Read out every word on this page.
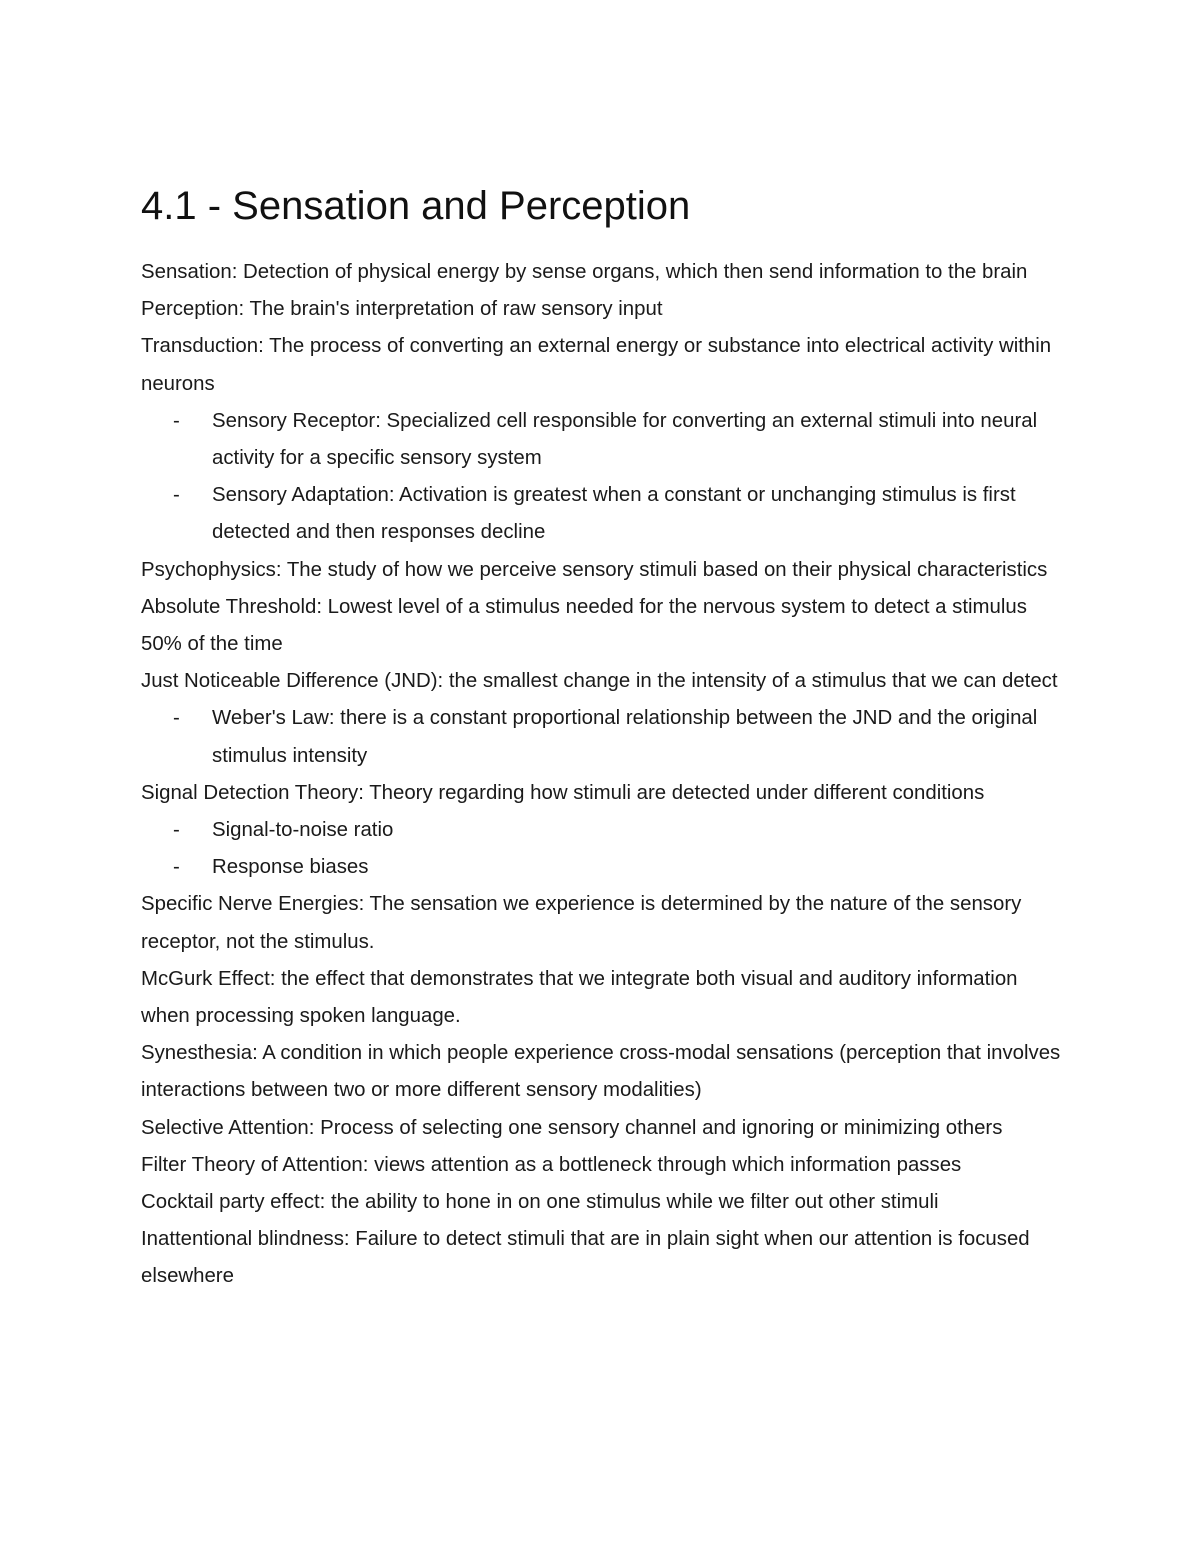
4.1 - Sensation and Perception

Sensation: Detection of physical energy by sense organs, which then send information to the brain

Perception: The brain's interpretation of raw sensory input

Transduction: The process of converting an external energy or substance into electrical activity within neurons

- Sensory Receptor: Specialized cell responsible for converting an external stimuli into neural activity for a specific sensory system

- Sensory Adaptation: Activation is greatest when a constant or unchanging stimulus is first detected and then responses decline

Psychophysics: The study of how we perceive sensory stimuli based on their physical characteristics

Absolute Threshold: Lowest level of a stimulus needed for the nervous system to detect a stimulus 50% of the time

Just Noticeable Difference (JND): the smallest change in the intensity of a stimulus that we can detect

- Weber's Law: there is a constant proportional relationship between the JND and the original stimulus intensity

Signal Detection Theory: Theory regarding how stimuli are detected under different conditions

- Signal-to-noise ratio

- Response biases

Specific Nerve Energies: The sensation we experience is determined by the nature of the sensory receptor, not the stimulus.

McGurk Effect: the effect that demonstrates that we integrate both visual and auditory information when processing spoken language.

Synesthesia: A condition in which people experience cross-modal sensations (perception that involves interactions between two or more different sensory modalities)

Selective Attention: Process of selecting one sensory channel and ignoring or minimizing others

Filter Theory of Attention: views attention as a bottleneck through which information passes

Cocktail party effect: the ability to hone in on one stimulus while we filter out other stimuli

Inattentional blindness: Failure to detect stimuli that are in plain sight when our attention is focused elsewhere
